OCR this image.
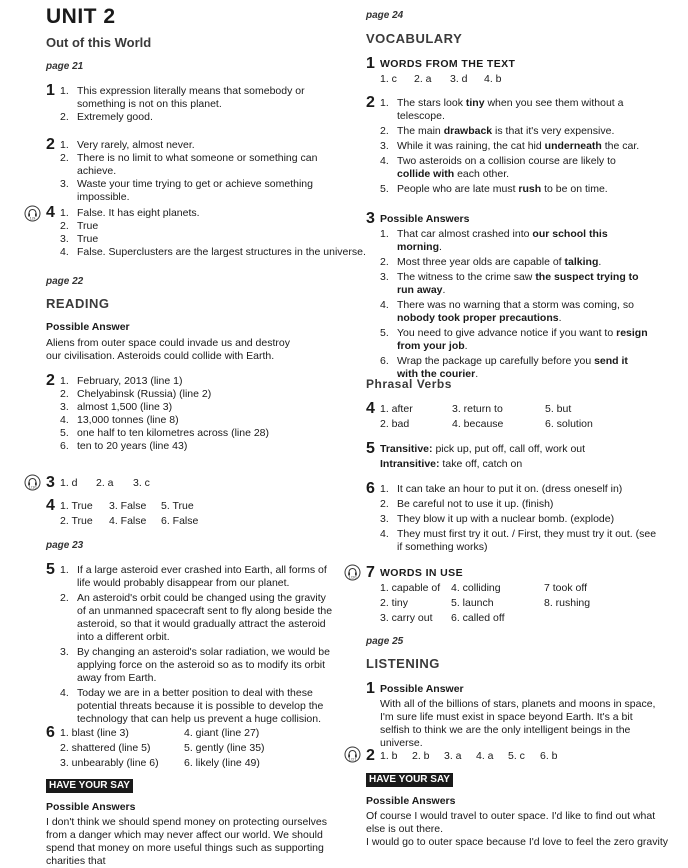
UNIT 2
Out of this World
page 21
1 1. This expression literally means that somebody or something is not on this planet.
2. Extremely good.
2 1. Very rarely, almost never.
2. There is no limit to what someone or something can achieve.
3. Waste your time trying to get or achieve something impossible.
1/9 4 1. False. It has eight planets.
2. True
3. True
4. False. Superclusters are the largest structures in the universe.
page 22
READING
Possible Answer
Aliens from outer space could invade us and destroy our civilisation. Asteroids could collide with Earth.
2 1. February, 2013 (line 1)
2. Chelyabinsk (Russia) (line 2)
3. almost 1,500 (line 3)
4. 13,000 tonnes (line 8)
5. one half to ten kilometres across (line 28)
6. ten to 20 years (line 43)
1/10 3 1. d 2. a 3. c
4 1. True 3. False 5. True
2. True 4. False 6. False
page 23
5 1. If a large asteroid ever crashed into Earth, all forms of life would probably disappear from our planet.
2. An asteroid's orbit could be changed using the gravity of an unmanned spacecraft sent to fly along beside the asteroid, so that it would gradually attract the asteroid into a different orbit.
3. By changing an asteroid's solar radiation, we would be applying force on the asteroid so as to modify its orbit away from Earth.
4. Today we are in a better position to deal with these potential threats because it is possible to develop the technology that can help us prevent a huge collision.
6 1. blast (line 3)	4. giant (line 27)
2. shattered (line 5)	5. gently (line 35)
3. unbearably (line 6) 6. likely (line 49)
HAVE YOUR SAY
Possible Answers
I don't think we should spend money on protecting ourselves from a danger which may never affect our world. We should spend that money on more useful things such as supporting charities that
page 24
VOCABULARY
1 WORDS FROM THE TEXT
1. c 2. a 3. d 4. b
2 1. The stars look tiny when you see them without a telescope.
2. The main drawback is that it's very expensive.
3. While it was raining, the cat hid underneath the car.
4. Two asteroids on a collision course are likely to collide with each other.
5. People who are late must rush to be on time.
3 Possible Answers
1. That car almost crashed into our school this morning.
2. Most three year olds are capable of talking.
3. The witness to the crime saw the suspect trying to run away.
4. There was no warning that a storm was coming, so nobody took proper precautions.
5. You need to give advance notice if you want to resign from your job.
6. Wrap the package up carefully before you send it with the courier.
Phrasal Verbs
4 1. after	3. return to	5. but
2. bad	4. because	6. solution
5 Transitive: pick up, put off, call off, work out
Intransitive: take off, catch on
6 1. It can take an hour to put it on. (dress oneself in)
2. Be careful not to use it up. (finish)
3. They blow it up with a nuclear bomb. (explode)
4. They must first try it out. / First, they must try it out. (see if something works)
1/20 7 WORDS IN USE
1. capable of 4. colliding	7 took off
2. tiny	5. launch	8. rushing
3. carry out 6. called off
page 25
LISTENING
1 Possible Answer
With all of the billions of stars, planets and moons in space, I'm sure life must exist in space beyond Earth. It's a bit selfish to think we are the only intelligent beings in the universe.
1/21 2 1. b 2. b 3. a 4. a 5. c 6. b
HAVE YOUR SAY
Possible Answers
Of course I would travel to outer space. I'd like to find out what else is out there.
I would go to outer space because I'd love to feel the zero gravity
